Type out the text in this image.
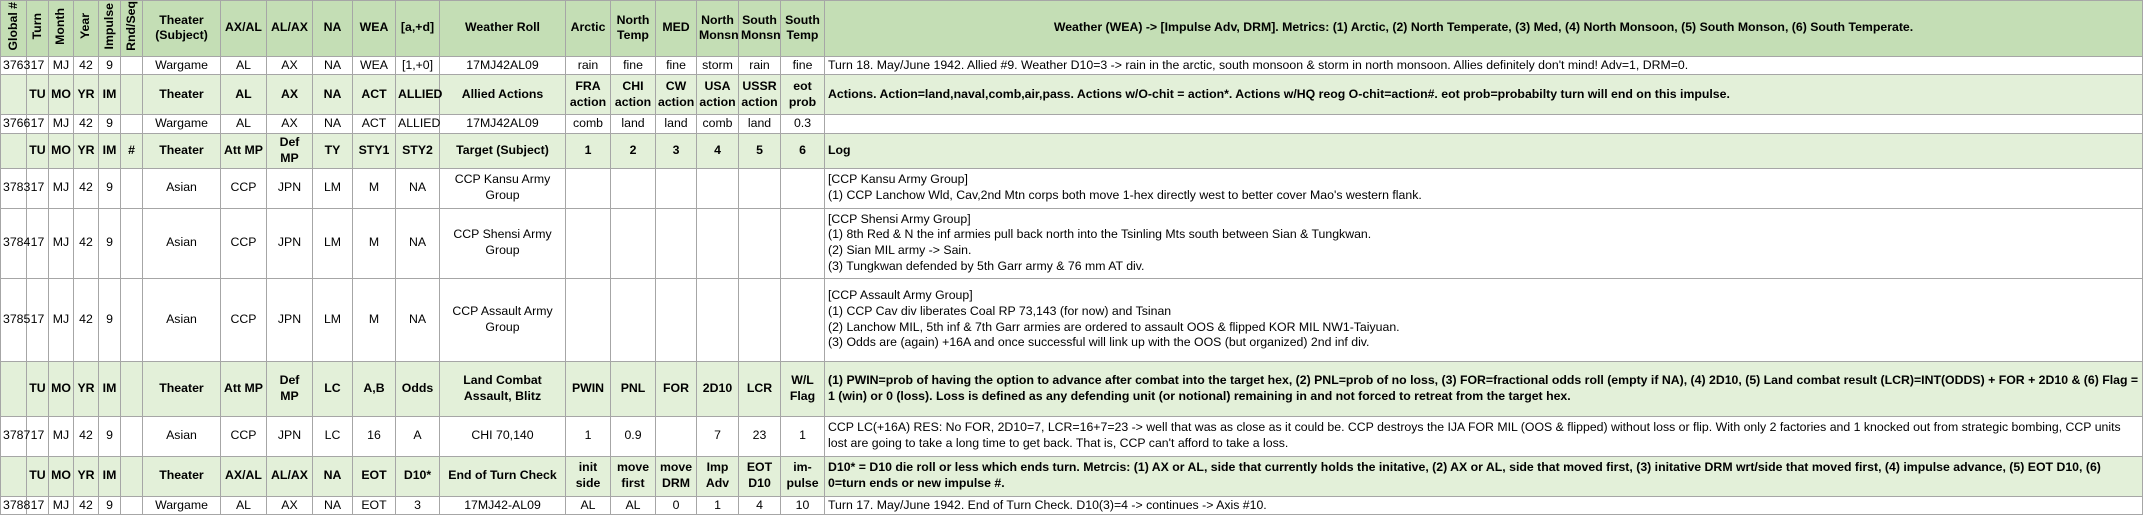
Global #	Turn	Month	Year	Impulse	Rnd/Seq	Theater (Subject)	AX/AL	AL/AX	NA	WEA	[a,+d]	Weather Roll	Arctic	North Temp	MED	North Monsn	South Monsn	South Temp	Weather (WEA) -> [Impulse Adv, DRM]. Metrics: (1) Arctic, (2) North Temperate, (3) Med, (4) North Monsoon, (5) South Monson, (6) South Temperate.
3763	17	MJ	42	9		Wargame	AL	AX	NA	WEA	[1,+0]	17MJ42AL09	rain	fine	fine	storm	rain	fine	Turn 18. May/June 1942. Allied #9. Weather D10=3 -> rain in the arctic, south monsoon & storm in north monsoon. Allies definitely don't mind! Adv=1, DRM=0.
	TU	MO	YR	IM		Theater	AL	AX	NA	ACT	ALLIED	Allied Actions	FRA action	CHI action	CW action	USA action	USSR action	eot prob	Actions. Action=land,naval,comb,air,pass. Actions w/O-chit = action*. Actions w/HQ reog O-chit=action#. eot prob=probabilty turn will end on this impulse.
3766	17	MJ	42	9		Wargame	AL	AX	NA	ACT	ALLIED	17MJ42AL09	comb	land	land	comb	land	0.3	
	TU	MO	YR	IM	#	Theater	Att MP	Def MP	TY	STY1	STY2	Target (Subject)	1	2	3	4	5	6	Log
3783	17	MJ	42	9		Asian	CCP	JPN	LM	M	NA	CCP Kansu Army Group							[CCP Kansu Army Group]
(1) CCP Lanchow Wld, Cav,2nd Mtn corps both move 1-hex directly west to better cover Mao's western flank.

3784	17	MJ	42	9		Asian	CCP	JPN	LM	M	NA	CCP Shensi Army Group							[CCP Shensi Army Group]
(1) 8th Red & N the inf armies pull back north into the Tsinling Mts south between Sian & Tungkwan.
(2) Sian MIL army -> Sain.
(3) Tungkwan defended by 5th Garr army & 76 mm AT div.

3785	17	MJ	42	9		Asian	CCP	JPN	LM	M	NA	CCP Assault Army Group							[CCP Assault Army Group]
(1) CCP Cav div liberates Coal RP 73,143 (for now) and Tsinan
(2) Lanchow MIL, 5th inf & 7th Garr armies are ordered to assault OOS & flipped KOR MIL NW1-Taiyuan.
(3) Odds are (again) +16A and once successful will link up with the OOS (but organized) 2nd inf div.

	TU	MO	YR	IM		Theater	Att MP	Def MP	LC	A,B	Odds	Land Combat Assault, Blitz	PWIN	PNL	FOR	2D10	LCR	W/L Flag	(1) PWIN=prob of having the option to advance after combat into the target hex, (2) PNL=prob of no loss, (3) FOR=fractional odds roll (empty if NA), (4) 2D10, (5) Land combat result (LCR)=INT(ODDS) + FOR + 2D10 & (6) Flag = 1 (win) or 0 (loss). Loss is defined as any defending unit (or notional) remaining in and not forced to retreat from the target hex.
3787	17	MJ	42	9		Asian	CCP	JPN	LC	16	A	CHI 70,140	1	0.9		7	23	1	CCP LC(+16A) RES: No FOR, 2D10=7, LCR=16+7=23 -> well that was as close as it could be. CCP destroys the IJA FOR MIL (OOS & flipped) without loss or flip. With only 2 factories and 1 knocked out from strategic bombing, CCP units lost are going to take a long time to get back. That is, CCP can't afford to take a loss.
	TU	MO	YR	IM		Theater	AX/AL	AL/AX	NA	EOT	D10*	End of Turn Check	init side	move first	move DRM	Imp Adv	EOT D10	im-pulse	D10* = D10 die roll or less which ends turn. Metrcis: (1) AX or AL, side that currently holds the initative, (2) AX or AL, side that moved first, (3) initative DRM wrt/side that moved first, (4) impulse advance, (5) EOT D10, (6) 0=turn ends or new impulse #.
3788	17	MJ	42	9		Wargame	AL	AX	NA	EOT	3	17MJ42-AL09	AL	AL	0	1	4	10	Turn 17. May/June 1942. End of Turn Check. D10(3)=4 -> continues -> Axis #10.
